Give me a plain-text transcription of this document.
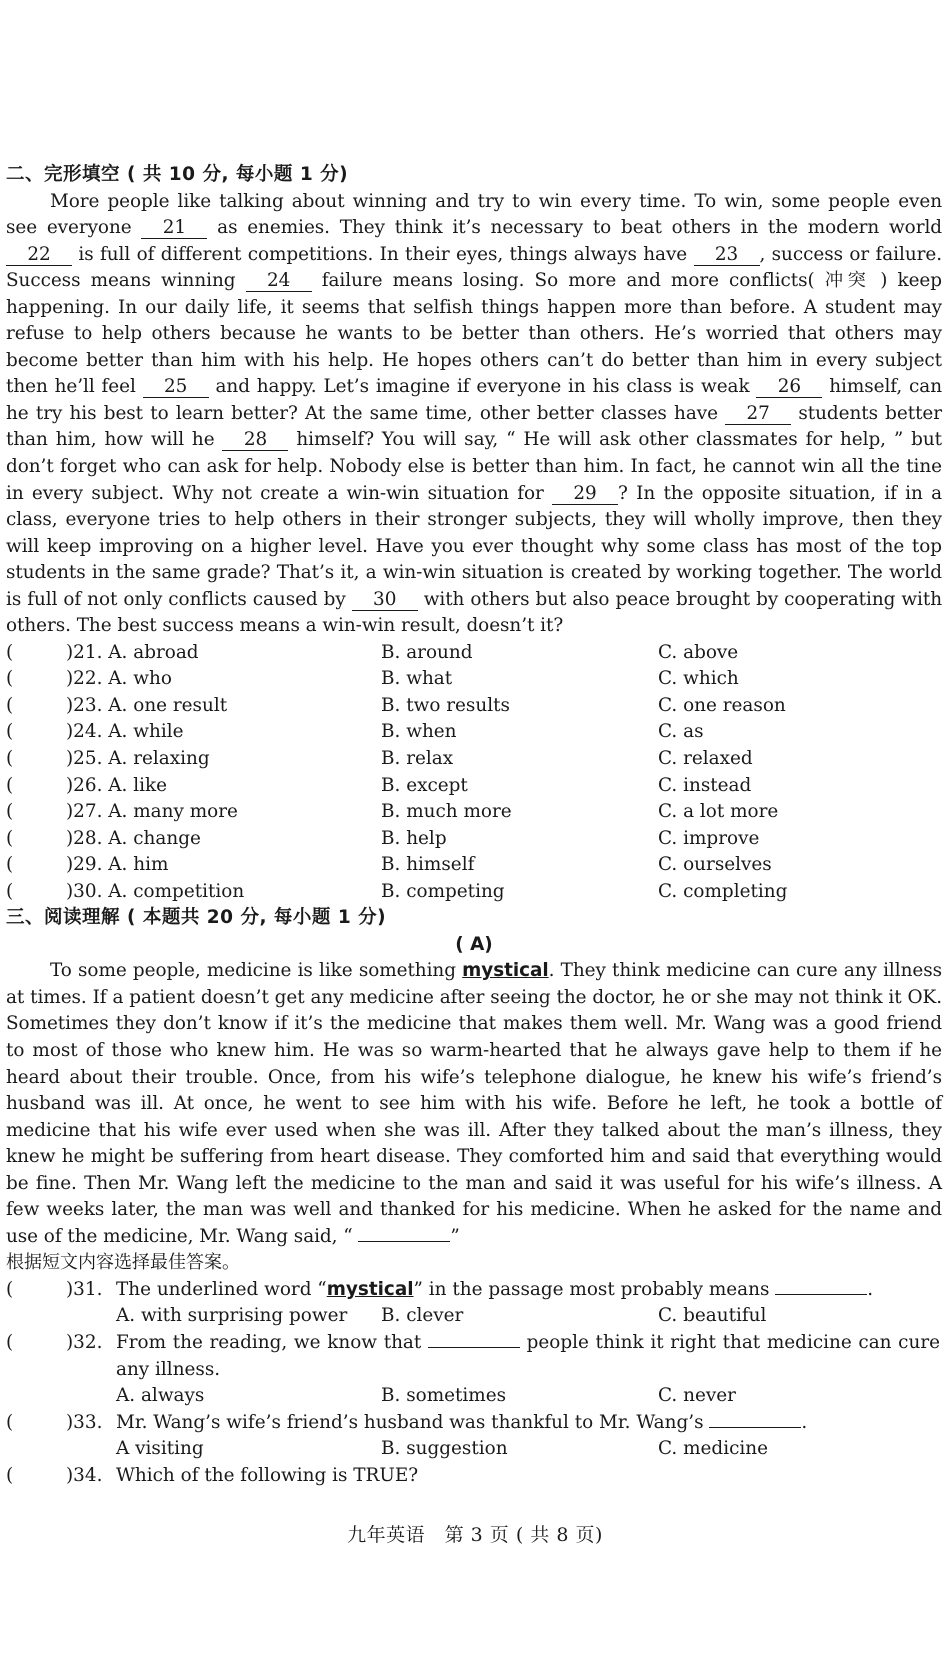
二、完形填空 ( 共 10 分, 每小题 1 分)

More people like talking about winning and try to win every time. To win, some people even see everyone 21 as enemies. They think it’s necessary to beat others in the modern world 22 is full of different competitions. In their eyes, things always have 23 , success or failure. Success means winning 24 failure means losing. So more and more conflicts( 冲突 ) keep happening. In our daily life, it seems that selfish things happen more than before. A student may refuse to help others because he wants to be better than others. He’s worried that others may become better than him with his help. He hopes others can’t do better than him in every subject then he’ll feel 25 and happy. Let’s imagine if everyone in his class is weak 26 himself, can he try his best to learn better? At the same time, other better classes have 27 students better than him, how will he 28 himself? You will say, “ He will ask other classmates for help, ” but don’t forget who can ask for help. Nobody else is better than him. In fact, he cannot win all the tine in every subject. Why not create a win-win situation for 29 ? In the opposite situation, if in a class, everyone tries to help others in their stronger subjects, they will wholly improve, then they will keep improving on a higher level. Have you ever thought why some class has most of the top students in the same grade? That’s it, a win-win situation is created by working together. The world is full of not only conflicts caused by 30 with others but also peace brought by cooperating with others. The best success means a win-win result, doesn’t it?

(	)21. A. abroad	B. around	C. above
(	)22. A. who	B. what	C. which
(	)23. A. one result	B. two results	C. one reason
(	)24. A. while	B. when	C. as
(	)25. A. relaxing	B. relax	C. relaxed
(	)26. A. like	B. except	C. instead
(	)27. A. many more	B. much more	C. a lot more
(	)28. A. change	B. help	C. improve
(	)29. A. him	B. himself	C. ourselves
(	)30. A. competition	B. competing	C. completing
三、阅读理解 ( 本题共 20 分, 每小题 1 分)
( A)

To some people, medicine is like something mystical. They think medicine can cure any illness at times. If a patient doesn’t get any medicine after seeing the doctor, he or she may not think it OK. Sometimes they don’t know if it’s the medicine that makes them well. Mr. Wang was a good friend to most of those who knew him. He was so warm-hearted that he always gave help to them if he heard about their trouble. Once, from his wife’s telephone dialogue, he knew his wife’s friend’s husband was ill. At once, he went to see him with his wife. Before he left, he took a bottle of medicine that his wife ever used when she was ill. After they talked about the man’s illness, they knew he might be suffering from heart disease. They comforted him and said that everything would be fine. Then Mr. Wang left the medicine to the man and said it was useful for his wife’s illness. A few weeks later, the man was well and thanked for his medicine. When he asked for the name and use of the medicine, Mr. Wang said, “	”

根据短文内容选择最佳答案。
(	)31. The underlined word “mystical” in the passage most probably means	.
A. with surprising power B. clever	C. beautiful
(	)32. From the reading, we know that	people think it right that medicine can cure any illness.
A. always	B. sometimes	C. never
(	)33. Mr. Wang’s wife’s friend’s husband was thankful to Mr. Wang’s	.
A visiting	B. suggestion	C. medicine
(	)34. Which of the following is TRUE?
九年英语　第 3 页 ( 共 8 页)
